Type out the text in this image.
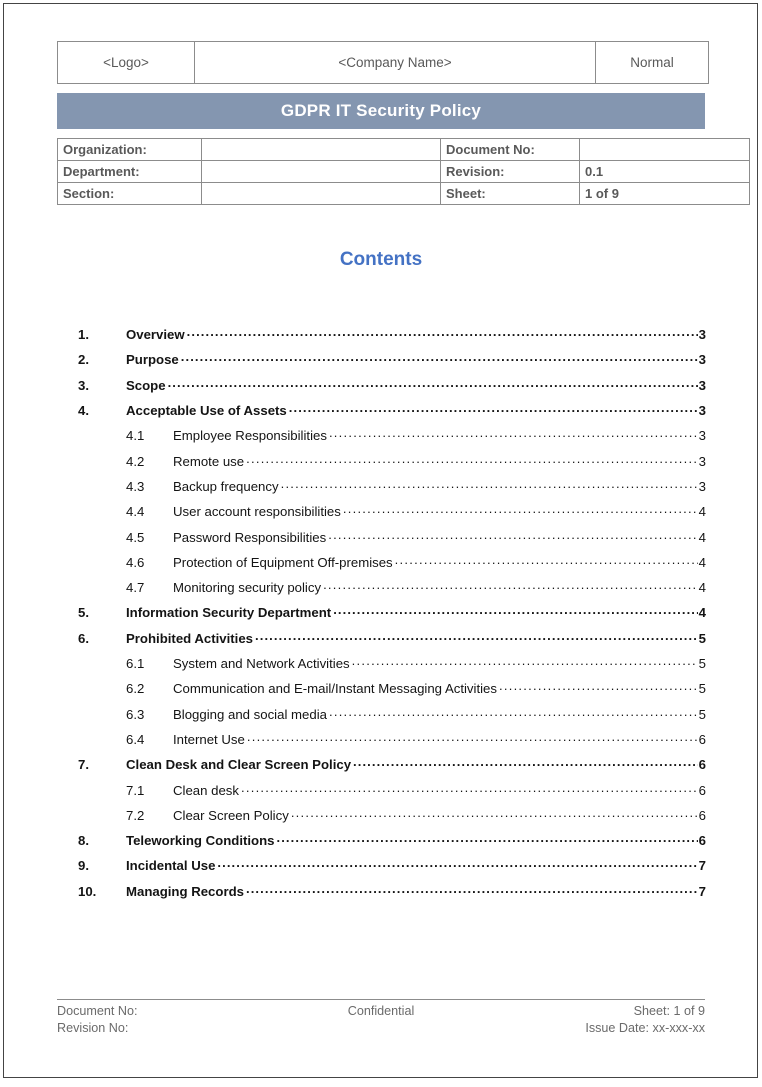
<Logo>	<Company Name>	Normal
GDPR IT Security Policy
Organization:		Document No:	
Department:		Revision:	0.1
Section:		Sheet:	1 of 9
Contents
1.	Overview .....	3
2.	Purpose .....	3
3.	Scope .....	3
4.	Acceptable Use of Assets .....	3
4.1	Employee Responsibilities .....	3
4.2	Remote use .....	3
4.3	Backup frequency .....	3
4.4	User account responsibilities .....	4
4.5	Password Responsibilities .....	4
4.6	Protection of Equipment Off-premises .....	4
4.7	Monitoring security policy .....	4
5.	Information Security Department .....	4
6.	Prohibited Activities .....	5
6.1	System and Network Activities .....	5
6.2	Communication and E-mail/Instant Messaging Activities .....	5
6.3	Blogging and social media .....	5
6.4	Internet Use .....	6
7.	Clean Desk and Clear Screen Policy .....	6
7.1	Clean desk .....	6
7.2	Clear Screen Policy .....	6
8.	Teleworking Conditions .....	6
9.	Incidental Use .....	7
10.	Managing Records .....	7
Document No:	Confidential	Sheet: 1 of 9
Revision No:	Issue Date: xx-xxx-xx
